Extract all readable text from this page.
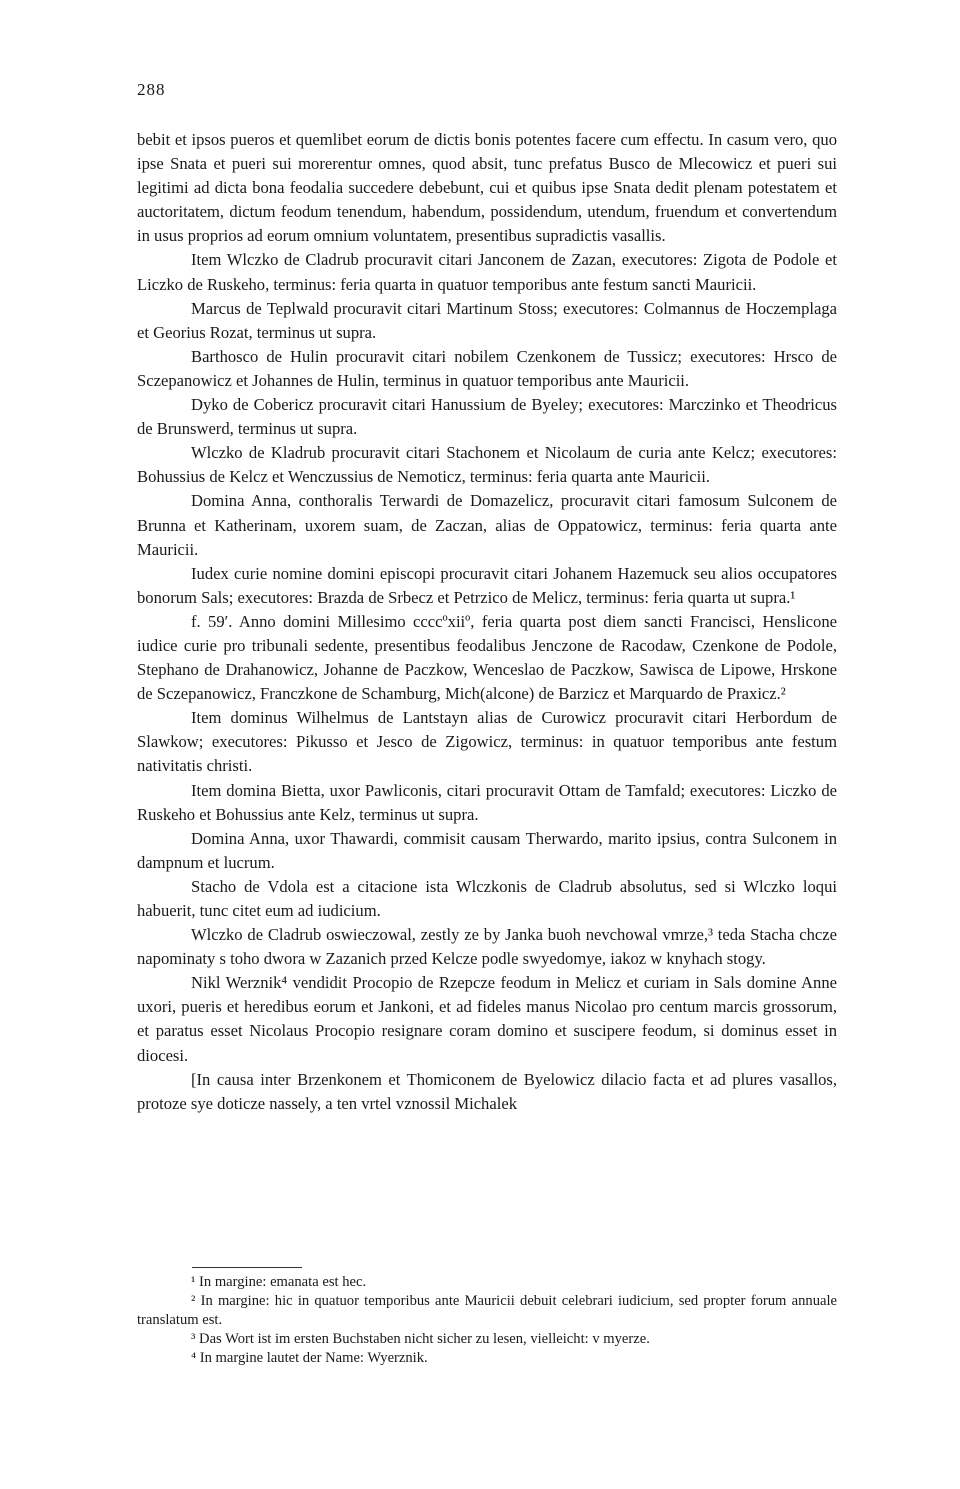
288

bebit et ipsos pueros et quemlibet eorum de dictis bonis potentes facere cum effectu. In casum vero, quo ipse Snata et pueri sui morerentur omnes, quod absit, tunc prefatus Busco de Mlecowicz et pueri sui legitimi ad dicta bona feodalia succedere debebunt, cui et quibus ipse Snata dedit plenam potestatem et auctoritatem, dictum feodum tenendum, habendum, possidendum, utendum, fruendum et convertendum in usus proprios ad eorum omnium voluntatem, presentibus supradictis vasallis.

Item Wlczko de Cladrub procuravit citari Janconem de Zazan, executores: Zigota de Podole et Liczko de Ruskeho, terminus: feria quarta in quatuor temporibus ante festum sancti Mauricii.

Marcus de Teplwald procuravit citari Martinum Stoss; executores: Colmannus de Hoczemplaga et Georius Rozat, terminus ut supra.

Barthosco de Hulin procuravit citari nobilem Czenkonem de Tussicz; executores: Hrsco de Sczepanowicz et Johannes de Hulin, terminus in quatuor temporibus ante Mauricii.

Dyko de Cobericz procuravit citari Hanussium de Byeley; executores: Marczinko et Theodricus de Brunswerd, terminus ut supra.

Wlczko de Kladrub procuravit citari Stachonem et Nicolaum de curia ante Kelcz; executores: Bohussius de Kelcz et Wenczussius de Nemoticz, terminus: feria quarta ante Mauricii.

Domina Anna, conthoralis Terwardi de Domazelicz, procuravit citari famosum Sulconem de Brunna et Katherinam, uxorem suam, de Zaczan, alias de Oppatowicz, terminus: feria quarta ante Mauricii.

Iudex curie nomine domini episcopi procuravit citari Johanem Hazemuck seu alios occupatores bonorum Sals; executores: Brazda de Srbecz et Petrzico de Melicz, terminus: feria quarta ut supra.¹

f. 59ʹ. Anno domini Millesimo ccccºxiiº, feria quarta post diem sancti Francisci, Henslicone iudice curie pro tribunali sedente, presentibus feodalibus Jenczone de Racodaw, Czenkone de Podole, Stephano de Drahanowicz, Johanne de Paczkow, Wenceslao de Paczkow, Sawisca de Lipowe, Hrskone de Sczepanowicz, Franczkone de Schamburg, Mich(alcone) de Barzicz et Marquardo de Praxicz.²

Item dominus Wilhelmus de Lantstayn alias de Curowicz procuravit citari Herbordum de Slawkow; executores: Pikusso et Jesco de Zigowicz, terminus: in quatuor temporibus ante festum nativitatis christi.

Item domina Bietta, uxor Pawliconis, citari procuravit Ottam de Tamfald; executores: Liczko de Ruskeho et Bohussius ante Kelz, terminus ut supra.

Domina Anna, uxor Thawardi, commisit causam Therwardo, marito ipsius, contra Sulconem in dampnum et lucrum.

Stacho de Vdola est a citacione ista Wlczkonis de Cladrub absolutus, sed si Wlczko loqui habuerit, tunc citet eum ad iudicium.

Wlczko de Cladrub oswieczowal, zestly ze by Janka buoh nevchowal vmrze,³ teda Stacha chcze napominaty s toho dwora w Zazanich przed Kelcze podle swyedomye, iakoz w knyhach stogy.

Nikl Werznik⁴ vendidit Procopio de Rzepcze feodum in Melicz et curiam in Sals domine Anne uxori, pueris et heredibus eorum et Jankoni, et ad fideles manus Nicolao pro centum marcis grossorum, et paratus esset Nicolaus Procopio resignare coram domino et suscipere feodum, si dominus esset in diocesi.

[In causa inter Brzenkonem et Thomiconem de Byelowicz dilacio facta et ad plures vasallos, protoze sye doticze nassely, a ten vrtel vznossil Michalek

¹ In margine: emanata est hec.

² In margine: hic in quatuor temporibus ante Mauricii debuit celebrari iudicium, sed propter forum annuale translatum est.

³ Das Wort ist im ersten Buchstaben nicht sicher zu lesen, vielleicht: v myerze.

⁴ In margine lautet der Name: Wyerznik.
